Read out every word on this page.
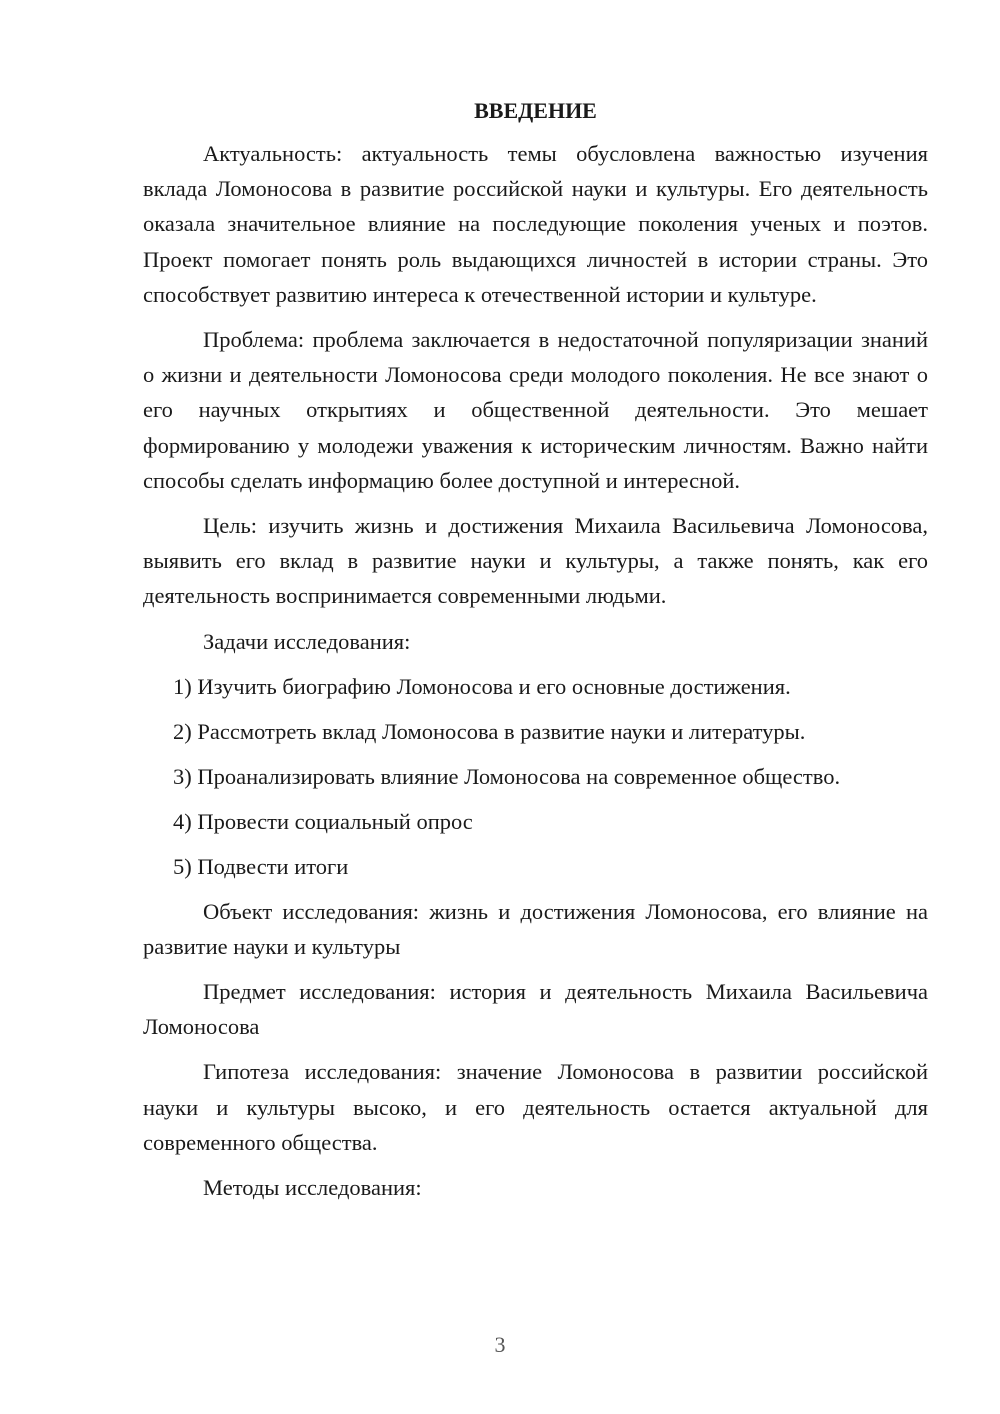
ВВЕДЕНИЕ

Актуальность: актуальность темы обусловлена важностью изучения вклада Ломоносова в развитие российской науки и культуры. Его деятельность оказала значительное влияние на последующие поколения ученых и поэтов. Проект помогает понять роль выдающихся личностей в истории страны. Это способствует развитию интереса к отечественной истории и культуре.

Проблема: проблема заключается в недостаточной популяризации знаний о жизни и деятельности Ломоносова среди молодого поколения. Не все знают о его научных открытиях и общественной деятельности. Это мешает формированию у молодежи уважения к историческим личностям. Важно найти способы сделать информацию более доступной и интересной.

Цель: изучить жизнь и достижения Михаила Васильевича Ломоносова, выявить его вклад в развитие науки и культуры, а также понять, как его деятельность воспринимается современными людьми.

Задачи исследования:

1) Изучить биографию Ломоносова и его основные достижения.

2) Рассмотреть вклад Ломоносова в развитие науки и литературы.

3) Проанализировать влияние Ломоносова на современное общество.

4) Провести социальный опрос

5) Подвести итоги

Объект исследования: жизнь и достижения Ломоносова, его влияние на развитие науки и культуры

Предмет исследования: история и деятельность Михаила Васильевича Ломоносова

Гипотеза исследования: значение Ломоносова в развитии российской науки и культуры высоко, и его деятельность остается актуальной для современного общества.

Методы исследования:

3
